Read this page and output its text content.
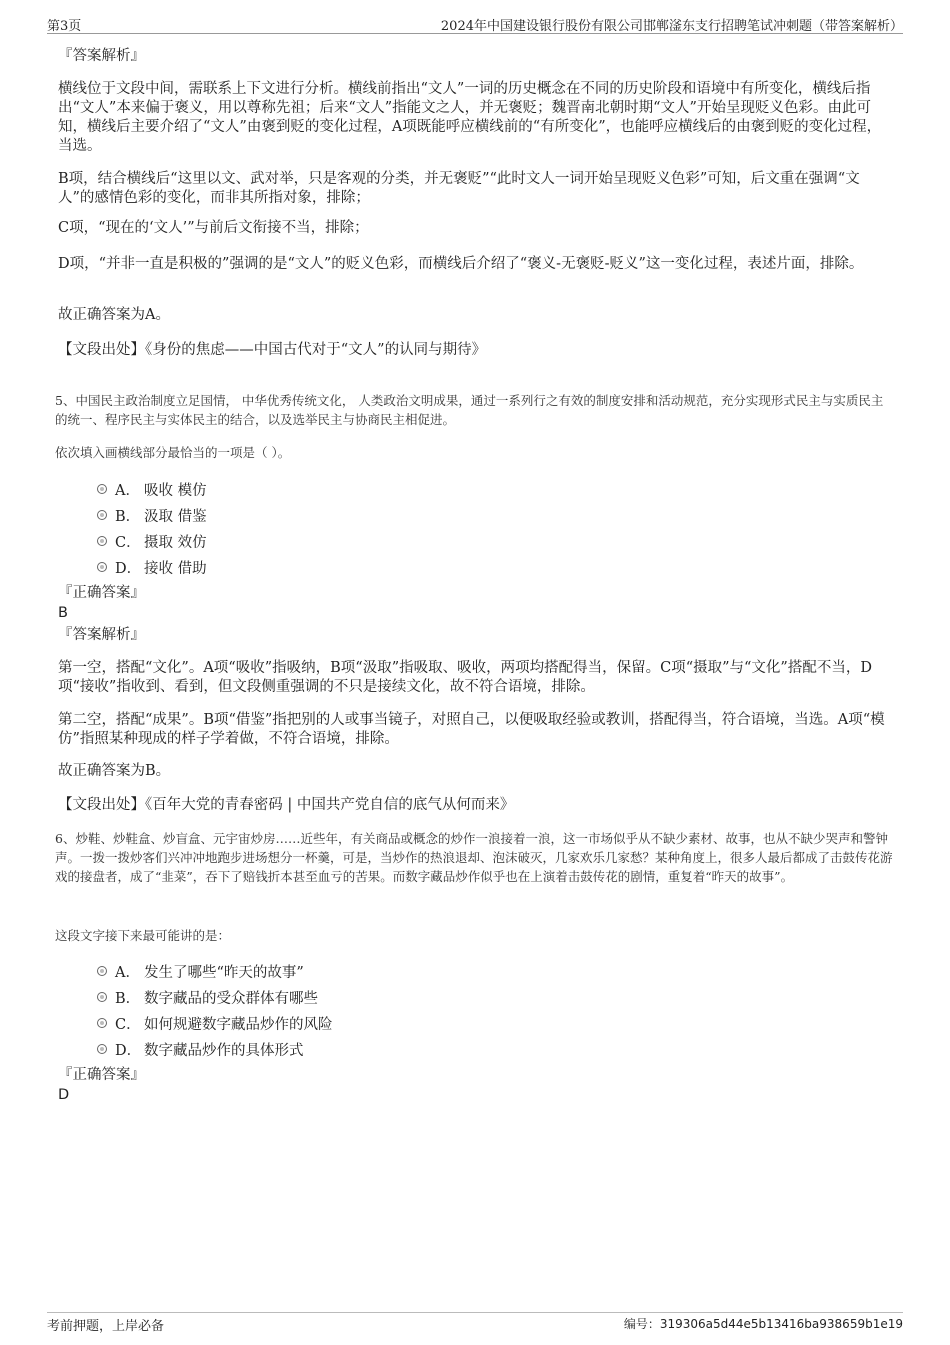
第3页	2024年中国建设银行股份有限公司邯郸滏东支行招聘笔试冲刺题（带答案解析）
『答案解析』
横线位于文段中间，需联系上下文进行分析。横线前指出“文人”一词的历史概念在不同的历史阶段和语境中有所变化，横线后指出“文人”本来偏于褒义，用以尊称先祖；后来“文人”指能文之人，并无褒贬；魏晋南北朝时期“文人”开始呈现贬义色彩。由此可知，横线后主要介绍了“文人”由褒到贬的变化过程，A项既能呼应横线前的“有所变化”，也能呼应横线后的由褒到贬的变化过程，当选。
B项，结合横线后“这里以文、武对举，只是客观的分类，并无褒贬”“此时文人一词开始呈现贬义色彩”可知，后文重在强调“文人”的感情色彩的变化，而非其所指对象，排除；
C项，“现在的‘文人’”与前后文衔接不当，排除；
D项，“并非一直是积极的”强调的是“文人”的贬义色彩，而横线后介绍了“褒义-无褒贬-贬义”这一变化过程，表述片面，排除。
故正确答案为A。
【文段出处】《身份的焦虑——中国古代对于“文人”的认同与期待》
5、中国民主政治制度立足国情， 中华优秀传统文化， 人类政治文明成果，通过一系列行之有效的制度安排和活动规范，充分实现形式民主与实质民主的统一、程序民主与实体民主的结合，以及选举民主与协商民主相促进。
依次填入画横线部分最恰当的一项是（ ）。
A． 吸收 模仿
B． 汲取 借鉴
C． 摄取 效仿
D． 接收 借助
『正确答案』
B
『答案解析』
第一空，搭配“文化”。A项“吸收”指吸纳，B项“汲取”指吸取、吸收，两项均搭配得当，保留。C项“摄取”与“文化”搭配不当，D项“接收”指收到、看到，但文段侧重强调的不只是接续文化，故不符合语境，排除。
第二空，搭配“成果”。B项“借鉴”指把别的人或事当镜子，对照自己，以便吸取经验或教训，搭配得当，符合语境，当选。A项“模仿”指照某种现成的样子学着做，不符合语境，排除。
故正确答案为B。
【文段出处】《百年大党的青春密码 | 中国共产党自信的底气从何而来》
6、炒鞋、炒鞋盒、炒盲盒、元宇宙炒房……近些年，有关商品或概念的炒作一浪接着一浪，这一市场似乎从不缺少素材、故事，也从不缺少哭声和警钟声。一拨一拨炒客们兴冲冲地跑步进场想分一杯羹，可是，当炒作的热浪退却、泡沫破灭，几家欢乐几家愁？某种角度上，很多人最后都成了击鼓传花游戏的接盘者，成了“韭菜”，吞下了赔钱折本甚至血亏的苦果。而数字藏品炒作似乎也在上演着击鼓传花的剧情，重复着“昨天的故事”。
这段文字接下来最可能讲的是：
A． 发生了哪些“昨天的故事”
B． 数字藏品的受众群体有哪些
C． 如何规避数字藏品炒作的风险
D． 数字藏品炒作的具体形式
『正确答案』
D
考前押题，上岸必备	编号：319306a5d44e5b13416ba938659b1e19
